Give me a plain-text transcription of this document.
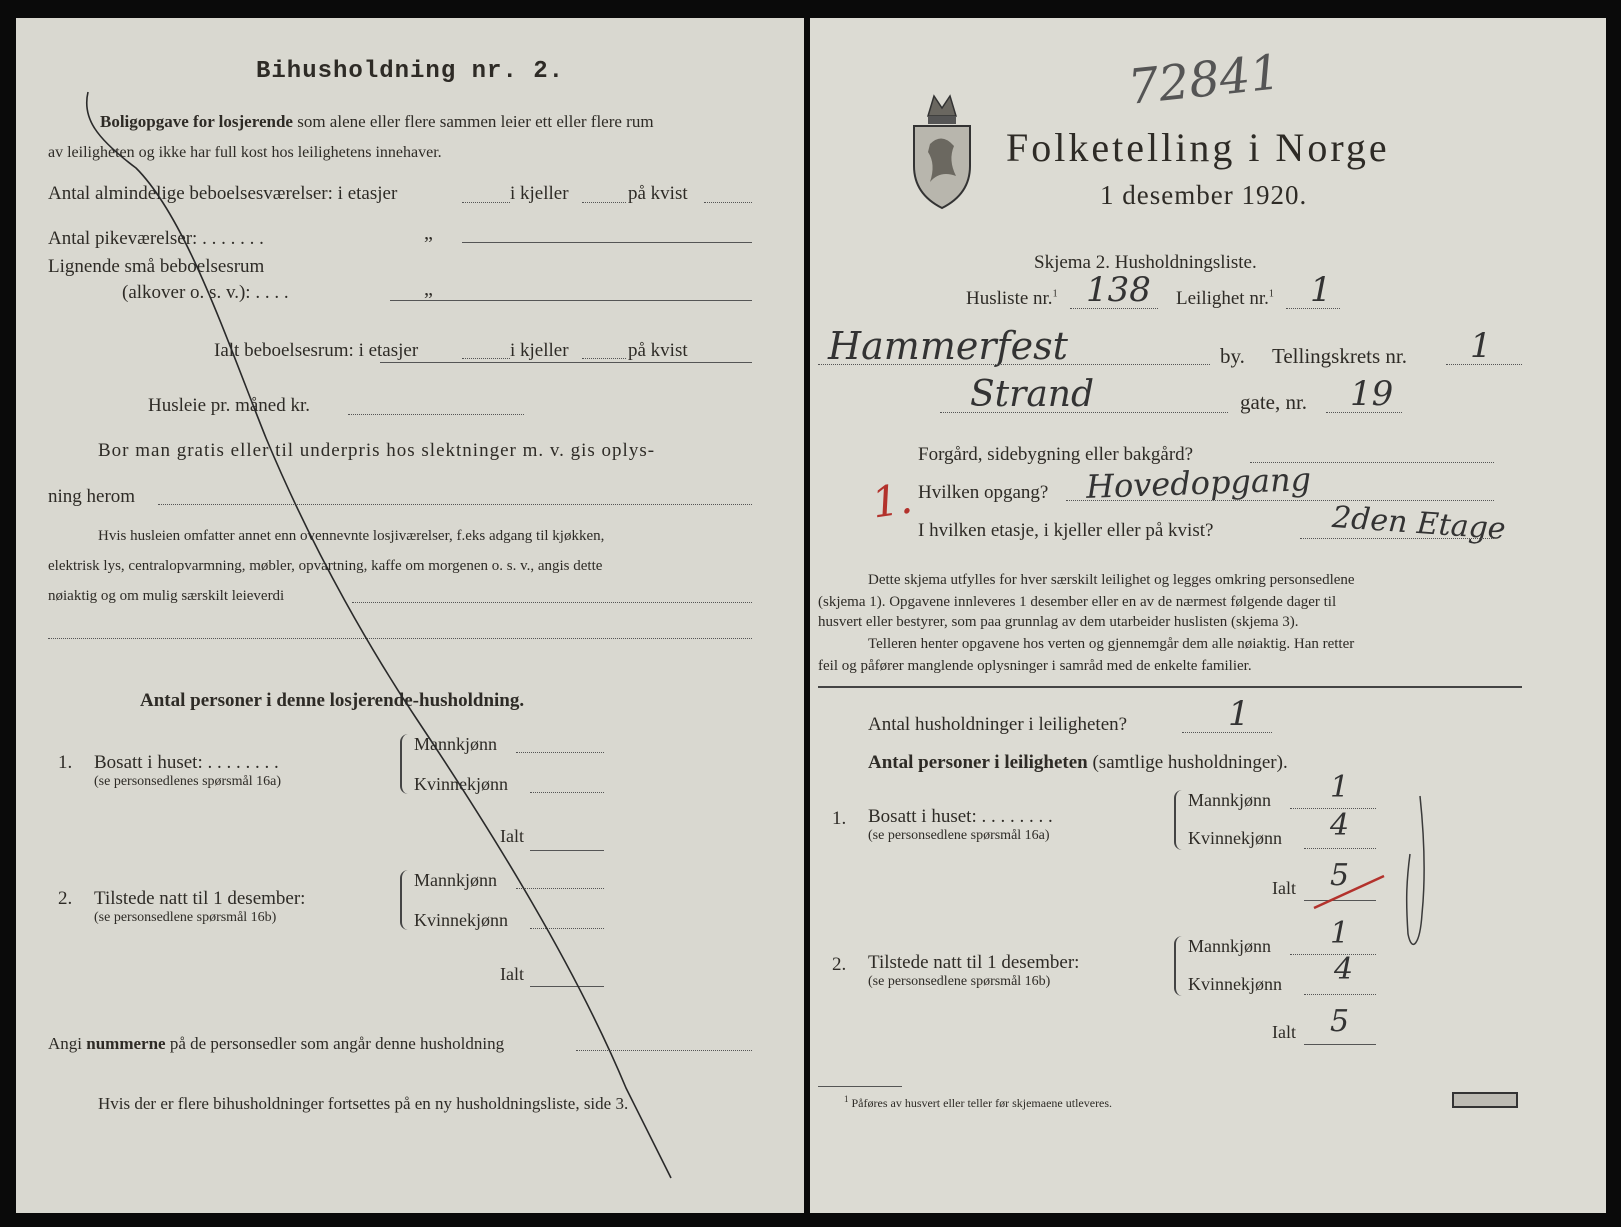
Bihusholdning nr. 2.
Boligopgave for losjerende som alene eller flere sammen leier ett eller flere rum
av leiligheten og ikke har full kost hos leilighetens innehaver.
Antal almindelige beboelsesværelser: i etasjer	i kjeller	på kvist
Antal pikeværelser: . . . . . . .	„
Lignende små beboelsesrum
(alkover o. s. v.): . . . .	„
Ialt beboelsesrum: i etasjer	i kjeller	på kvist
Husleie pr. måned kr.
Bor man gratis eller til underpris hos slektninger m. v. gis oplys-
ning herom
Hvis husleien omfatter annet enn ovennevnte losjiværelser, f.eks adgang til kjøkken,
elektrisk lys, centralopvarmning, møbler, opvartning, kaffe om morgenen o. s. v., angis dette
nøiaktig og om mulig særskilt leieverdi
Antal personer i denne losjerende-husholdning.
1. Bosatt i huset: . . . . . . . .
(se personsedlenes spørsmål 16a)
Mannkjønn
Kvinnekjønn
Ialt
2. Tilstede natt til 1 desember:
(se personsedlene spørsmål 16b)
Mannkjønn
Kvinnekjønn
Ialt
Angi nummerne på de personsedler som angår denne husholdning
Hvis der er flere bihusholdninger fortsettes på en ny husholdningsliste, side 3.
72841
Folketelling i Norge
1 desember 1920.
Skjema 2. Husholdningsliste.
Husliste nr.$^1$ 138 Leilighet nr.$^1$ 1
Hammerfest	by. Tellingskrets nr. 1
Strand	gate, nr. 19
Forgård, sidebygning eller bakgård?
1. Hvilken opgang? Hovedopgang
I hvilken etasje, i kjeller eller på kvist?	2den Etage
Dette skjema utfylles for hver særskilt leilighet og legges omkring personsedlene
(skjema 1). Opgavene innleveres 1 desember eller en av de nærmest følgende dager til
husvert eller bestyrer, som paa grunnlag av dem utarbeider huslisten (skjema 3).
Telleren henter opgavene hos verten og gjennemgår dem alle nøiaktig. Han retter
feil og påfører manglende oplysninger i samråd med de enkelte familier.
Antal husholdninger i leiligheten?	1
Antal personer i leiligheten (samtlige husholdninger).
1. Bosatt i huset: . . . . . . . .
(se personsedlene spørsmål 16a)
Mannkjønn 1
Kvinnekjønn 4
Ialt 5
2. Tilstede natt til 1 desember:
(se personsedlene spørsmål 16b)
Mannkjønn 1
Kvinnekjønn 4
Ialt 5
$^1$ Påføres av husvert eller teller før skjemaene utleveres.
